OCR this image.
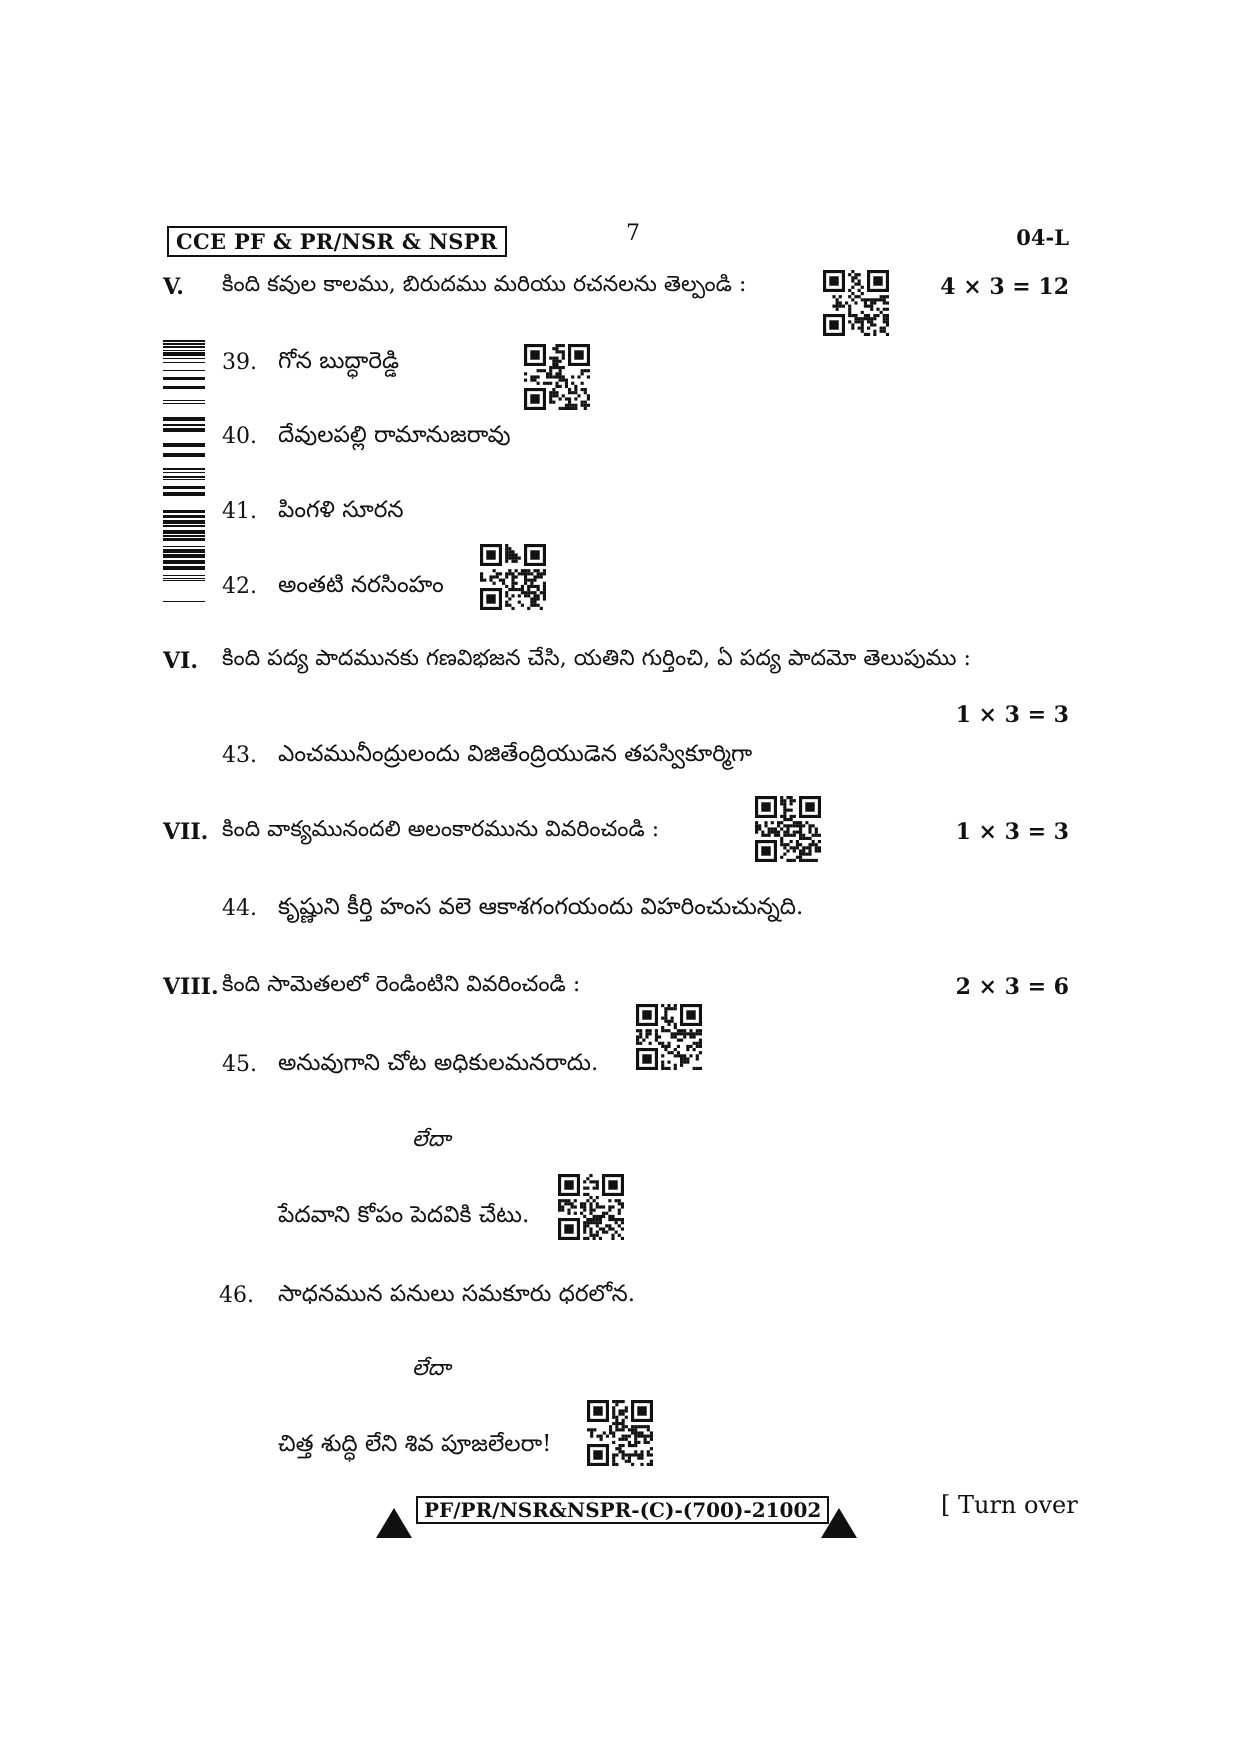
CCE PF & PR/NSR & NSPR	7	04-L
V. కింది కవుల కాలము, బిరుదము మరియు రచనలను తెల్పండి :	4 × 3 = 12
39. గోన బుద్ధారెడ్డి
40. దేవులపల్లి రామానుజరావు
41. పింగళి సూరన
42. అంతటి నరసింహం
VI. కింది పద్య పాదమునకు గణవిభజన చేసి, యతిని గుర్తించి, ఏ పద్య పాదమో తెలుపుము :
1 × 3 = 3
43. ఎంచమునీంద్రులందు విజితేంద్రియుడెన తపస్వికూర్మిగా
VII. కింది వాక్యమునందలి అలంకారమును వివరించండి :	1 × 3 = 3
44. కృష్ణుని కీర్తి హంస వలె ఆకాశగంగయందు విహరించుచున్నది.
VIII. కింది సామెతలలో రెండింటిని వివరించండి :	2 × 3 = 6
45. అనువుగాని చోట అధికులమనరాదు.
లేదా
పేదవాని కోపం పెదవికి చేటు.
46. సాధనమున పనులు సమకూరు ధరలోన.
లేదా
చిత్త శుద్ధి లేని శివ పూజలేలరా!
PF/PR/NSR&NSPR-(C)-(700)-21002	[ Turn over
